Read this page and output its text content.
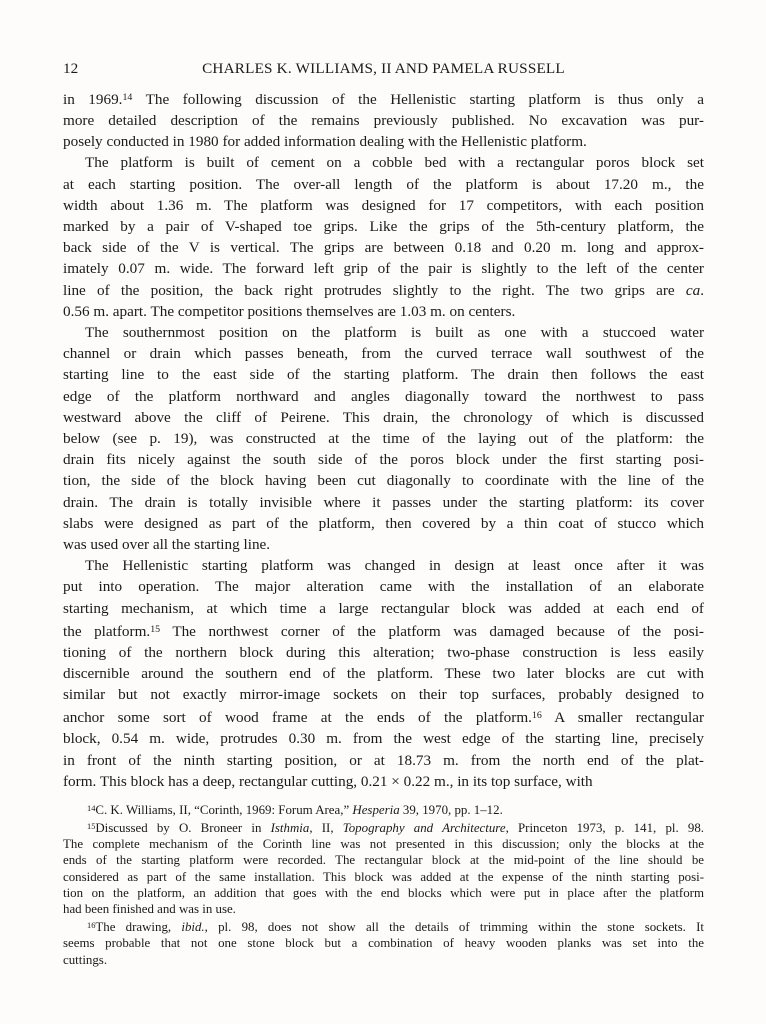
12	CHARLES K. WILLIAMS, II AND PAMELA RUSSELL
in 1969.14 The following discussion of the Hellenistic starting platform is thus only a
more detailed description of the remains previously published. No excavation was pur-
posely conducted in 1980 for added information dealing with the Hellenistic platform.
The platform is built of cement on a cobble bed with a rectangular poros block set
at each starting position. The over-all length of the platform is about 17.20 m., the
width about 1.36 m. The platform was designed for 17 competitors, with each position
marked by a pair of V-shaped toe grips. Like the grips of the 5th-century platform, the
back side of the V is vertical. The grips are between 0.18 and 0.20 m. long and approx-
imately 0.07 m. wide. The forward left grip of the pair is slightly to the left of the center
line of the position, the back right protrudes slightly to the right. The two grips are ca.
0.56 m. apart. The competitor positions themselves are 1.03 m. on centers.
The southernmost position on the platform is built as one with a stuccoed water
channel or drain which passes beneath, from the curved terrace wall southwest of the
starting line to the east side of the starting platform. The drain then follows the east
edge of the platform northward and angles diagonally toward the northwest to pass
westward above the cliff of Peirene. This drain, the chronology of which is discussed
below (see p. 19), was constructed at the time of the laying out of the platform: the
drain fits nicely against the south side of the poros block under the first starting posi-
tion, the side of the block having been cut diagonally to coordinate with the line of the
drain. The drain is totally invisible where it passes under the starting platform: its cover
slabs were designed as part of the platform, then covered by a thin coat of stucco which
was used over all the starting line.
The Hellenistic starting platform was changed in design at least once after it was
put into operation. The major alteration came with the installation of an elaborate
starting mechanism, at which time a large rectangular block was added at each end of
the platform.$^{15}$ The northwest corner of the platform was damaged because of the posi-
tioning of the northern block during this alteration; two-phase construction is less easily
discernible around the southern end of the platform. These two later blocks are cut with
similar but not exactly mirror-image sockets on their top surfaces, probably designed to
anchor some sort of wood frame at the ends of the platform.$^{16}$ A smaller rectangular
block, 0.54 m. wide, protrudes 0.30 m. from the west edge of the starting line, precisely
in front of the ninth starting position, or at 18.73 m. from the north end of the plat-
form. This block has a deep, rectangular cutting, 0.21 × 0.22 m., in its top surface, with
$^{14}$C. K. Williams, II, “Corinth, 1969: Forum Area,” Hesperia 39, 1970, pp. 1–12.
$^{15}$Discussed by O. Broneer in Isthmia, II, Topography and Architecture, Princeton 1973, p. 141, pl. 98.
The complete mechanism of the Corinth line was not presented in this discussion; only the blocks at the
ends of the starting platform were recorded. The rectangular block at the mid-point of the line should be
considered as part of the same installation. This block was added at the expense of the ninth starting posi-
tion on the platform, an addition that goes with the end blocks which were put in place after the platform
had been finished and was in use.
$^{16}$The drawing, ibid., pl. 98, does not show all the details of trimming within the stone sockets. It
seems probable that not one stone block but a combination of heavy wooden planks was set into the
cuttings.
